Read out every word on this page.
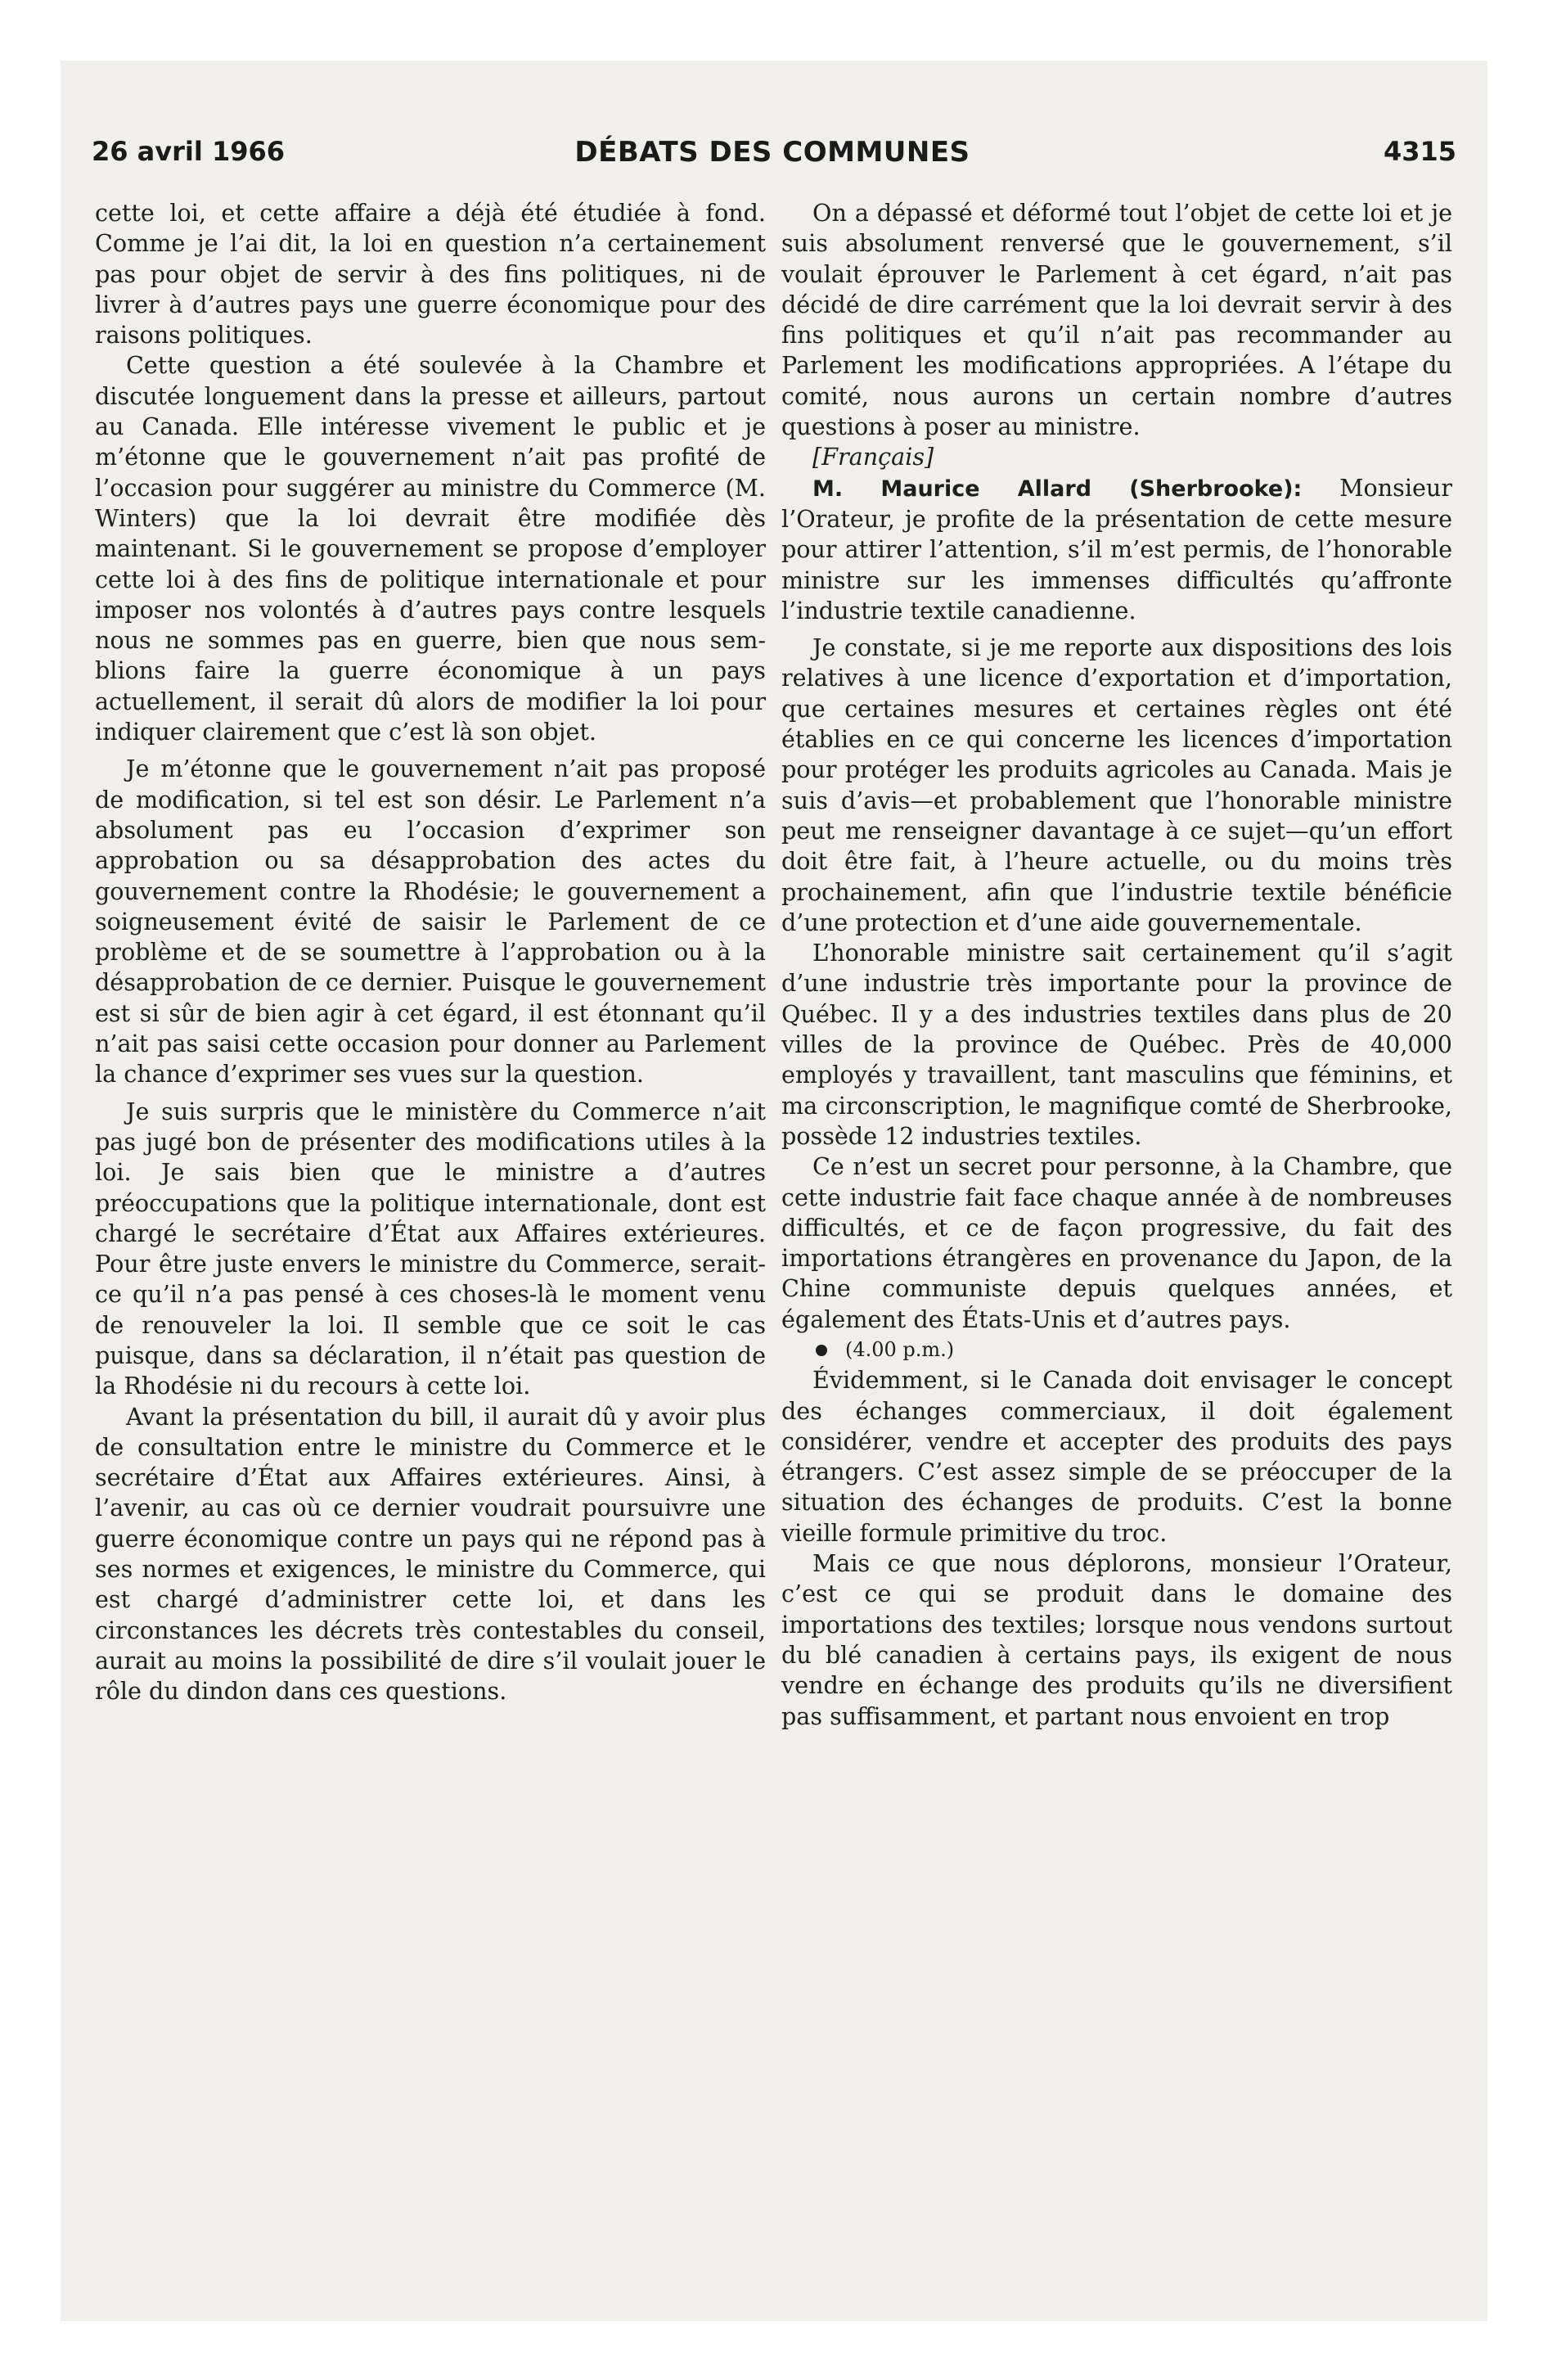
26 avril 1966	DÉBATS DES COMMUNES	4315

cette loi, et cette affaire a déjà été étudiée à fond. Comme je l’ai dit, la loi en question n’a certainement pas pour objet de servir à des fins politiques, ni de livrer à d’autres pays une guerre économique pour des raisons politiques.

Cette question a été soulevée à la Chambre et discutée longuement dans la presse et ailleurs, partout au Canada. Elle intéresse vivement le public et je m’étonne que le gouvernement n’ait pas profité de l’occasion pour suggérer au ministre du Commerce (M. Winters) que la loi devrait être modifiée dès maintenant. Si le gouvernement se propose d’employer cette loi à des fins de politique internationale et pour imposer nos volontés à d’autres pays contre lesquels nous ne sommes pas en guerre, bien que nous semblions faire la guerre économique à un pays actuellement, il serait dû alors de modifier la loi pour indiquer clairement que c’est là son objet.

Je m’étonne que le gouvernement n’ait pas proposé de modification, si tel est son désir. Le Parlement n’a absolument pas eu l’occasion d’exprimer son approbation ou sa désapprobation des actes du gouvernement contre la Rhodésie; le gouvernement a soigneusement évité de saisir le Parlement de ce problème et de se soumettre à l’approbation ou à la désapprobation de ce dernier. Puisque le gouvernement est si sûr de bien agir à cet égard, il est étonnant qu’il n’ait pas saisi cette occasion pour donner au Parlement la chance d’exprimer ses vues sur la question.

Je suis surpris que le ministère du Commerce n’ait pas jugé bon de présenter des modifications utiles à la loi. Je sais bien que le ministre a d’autres préoccupations que la politique internationale, dont est chargé le secrétaire d’État aux Affaires extérieures. Pour être juste envers le ministre du Commerce, serait-ce qu’il n’a pas pensé à ces choses-là le moment venu de renouveler la loi. Il semble que ce soit le cas puisque, dans sa déclaration, il n’était pas question de la Rhodésie ni du recours à cette loi.

Avant la présentation du bill, il aurait dû y avoir plus de consultation entre le ministre du Commerce et le secrétaire d’État aux Affaires extérieures. Ainsi, à l’avenir, au cas où ce dernier voudrait poursuivre une guerre économique contre un pays qui ne répond pas à ses normes et exigences, le ministre du Commerce, qui est chargé d’administrer cette loi, et dans les circonstances les décrets très contestables du conseil, aurait au moins la possibilité de dire s’il voulait jouer le rôle du dindon dans ces questions.

On a dépassé et déformé tout l’objet de cette loi et je suis absolument renversé que le gouvernement, s’il voulait éprouver le Parlement à cet égard, n’ait pas décidé de dire carrément que la loi devrait servir à des fins politiques et qu’il n’ait pas recommander au Parlement les modifications appropriées. A l’étape du comité, nous aurons un certain nombre d’autres questions à poser au ministre.

[Français]

M. Maurice Allard (Sherbrooke): Monsieur l’Orateur, je profite de la présentation de cette mesure pour attirer l’attention, s’il m’est permis, de l’honorable ministre sur les immenses difficultés qu’affronte l’industrie textile canadienne.

Je constate, si je me reporte aux dispositions des lois relatives à une licence d’exportation et d’importation, que certaines mesures et certaines règles ont été établies en ce qui concerne les licences d’importation pour protéger les produits agricoles au Canada. Mais je suis d’avis—et probablement que l’honorable ministre peut me renseigner davantage à ce sujet—qu’un effort doit être fait, à l’heure actuelle, ou du moins très prochainement, afin que l’industrie textile bénéficie d’une protection et d’une aide gouvernementale.

L’honorable ministre sait certainement qu’il s’agit d’une industrie très importante pour la province de Québec. Il y a des industries textiles dans plus de 20 villes de la province de Québec. Près de 40,000 employés y travaillent, tant masculins que féminins, et ma circonscription, le magnifique comté de Sherbrooke, possède 12 industries textiles.

Ce n’est un secret pour personne, à la Chambre, que cette industrie fait face chaque année à de nombreuses difficultés, et ce de façon progressive, du fait des importations étrangères en provenance du Japon, de la Chine communiste depuis quelques années, et également des États-Unis et d’autres pays.

(4.00 p.m.)

Évidemment, si le Canada doit envisager le concept des échanges commerciaux, il doit également considérer, vendre et accepter des produits des pays étrangers. C’est assez simple de se préoccuper de la situation des échanges de produits. C’est la bonne vieille formule primitive du troc.

Mais ce que nous déplorons, monsieur l’Orateur, c’est ce qui se produit dans le domaine des importations des textiles; lorsque nous vendons surtout du blé canadien à certains pays, ils exigent de nous vendre en échange des produits qu’ils ne diversifient pas suffisamment, et partant nous envoient en trop
